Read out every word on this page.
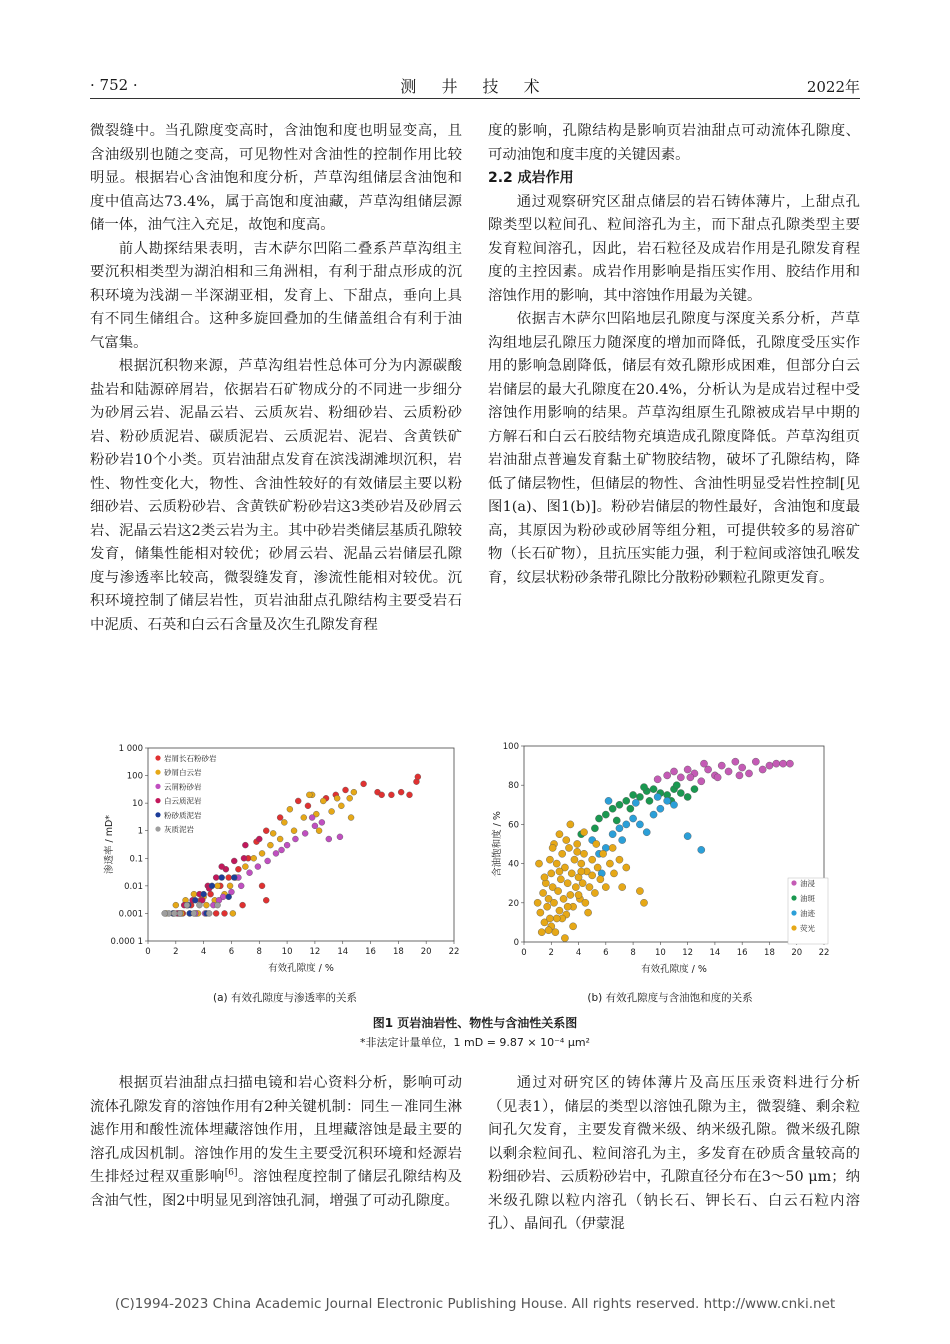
· 752 ·	测 井 技 术	2022年

微裂缝中。当孔隙度变高时，含油饱和度也明显变高，且含油级别也随之变高，可见物性对含油性的控制作用比较明显。根据岩心含油饱和度分析，芦草沟组储层含油饱和度中值高达73.4%，属于高饱和度油藏，芦草沟组储层源储一体，油气注入充足，故饱和度高。

前人勘探结果表明，吉木萨尔凹陷二叠系芦草沟组主要沉积相类型为湖泊相和三角洲相，有利于甜点形成的沉积环境为浅湖－半深湖亚相，发育上、下甜点，垂向上具有不同生储组合。这种多旋回叠加的生储盖组合有利于油气富集。

根据沉积物来源，芦草沟组岩性总体可分为内源碳酸盐岩和陆源碎屑岩，依据岩石矿物成分的不同进一步细分为砂屑云岩、泥晶云岩、云质灰岩、粉细砂岩、云质粉砂岩、粉砂质泥岩、碳质泥岩、云质泥岩、泥岩、含黄铁矿粉砂岩10个小类。页岩油甜点发育在滨浅湖滩坝沉积，岩性、物性变化大，物性、含油性较好的有效储层主要以粉细砂岩、云质粉砂岩、含黄铁矿粉砂岩这3类砂岩及砂屑云岩、泥晶云岩这2类云岩为主。其中砂岩类储层基质孔隙较发育，储集性能相对较优；砂屑云岩、泥晶云岩储层孔隙度与渗透率比较高，微裂缝发育，渗流性能相对较优。沉积环境控制了储层岩性，页岩油甜点孔隙结构主要受岩石中泥质、石英和白云石含量及次生孔隙发育程

度的影响，孔隙结构是影响页岩油甜点可动流体孔隙度、可动油饱和度丰度的关键因素。

2.2 成岩作用

通过观察研究区甜点储层的岩石铸体薄片，上甜点孔隙类型以粒间孔、粒间溶孔为主，而下甜点孔隙类型主要发育粒间溶孔，因此，岩石粒径及成岩作用是孔隙发育程度的主控因素。成岩作用影响是指压实作用、胶结作用和溶蚀作用的影响，其中溶蚀作用最为关键。

依据吉木萨尔凹陷地层孔隙度与深度关系分析，芦草沟组地层孔隙压力随深度的增加而降低，孔隙度受压实作用的影响急剧降低，储层有效孔隙形成困难，但部分白云岩储层的最大孔隙度在20.4%，分析认为是成岩过程中受溶蚀作用影响的结果。芦草沟组原生孔隙被成岩早中期的方解石和白云石胶结物充填造成孔隙度降低。芦草沟组页岩油甜点普遍发育黏土矿物胶结物，破坏了孔隙结构，降低了储层物性，但储层的物性、含油性明显受岩性控制[见图1(a)、图1(b)]。粉砂岩储层的物性最好，含油饱和度最高，其原因为粉砂或砂屑等组分粗，可提供较多的易溶矿物（长石矿物），且抗压实能力强，利于粒间或溶蚀孔喉发育，纹层状粉砂条带孔隙比分散粉砂颗粒孔隙更发育。

0	2	4	6	8 10 12 14 16 18 20 22
0.000 1
0.001
0.01
0.1
1
10
100
1 000
有效孔隙度 / %
渗透率 / mD*
岩屑长石粉砂岩
砂屑白云岩
云屑粉砂岩
白云质泥岩
粉砂质泥岩
灰质泥岩
0	2	4	6	8 10 12 14 16 18 20 22
0
20
40
60
80
100
有效孔隙度 / %
含油饱和度 / %
油浸
油斑
油迹
荧光
(a) 有效孔隙度与渗透率的关系	(b) 有效孔隙度与含油饱和度的关系
图1 页岩油岩性、物性与含油性关系图
*非法定计量单位，1 mD = 9.87 × 10⁻⁴ μm²

根据页岩油甜点扫描电镜和岩心资料分析，影响可动流体孔隙发育的溶蚀作用有2种关键机制：同生－准同生淋滤作用和酸性流体埋藏溶蚀作用，且埋藏溶蚀是最主要的溶孔成因机制。溶蚀作用的发生主要受沉积环境和烃源岩生排烃过程双重影响[6]。溶蚀程度控制了储层孔隙结构及含油气性，图2中明显见到溶蚀孔洞，增强了可动孔隙度。

通过对研究区的铸体薄片及高压压汞资料进行分析（见表1），储层的类型以溶蚀孔隙为主，微裂缝、剩余粒间孔欠发育，主要发育微米级、纳米级孔隙。微米级孔隙以剩余粒间孔、粒间溶孔为主，多发育在砂质含量较高的粉细砂岩、云质粉砂岩中，孔隙直径分布在3～50 μm；纳米级孔隙以粒内溶孔（钠长石、钾长石、白云石粒内溶孔）、晶间孔（伊蒙混

(C)1994-2023 China Academic Journal Electronic Publishing House. All rights reserved. http://www.cnki.net
